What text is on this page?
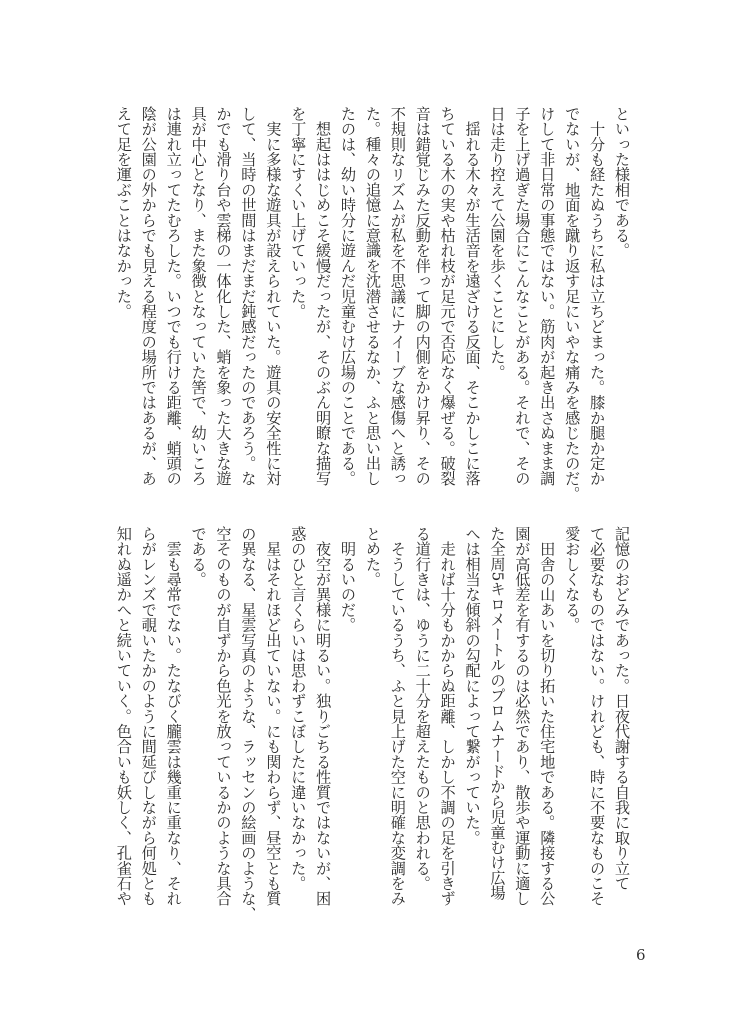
といった様相である。
　十分も経たぬうちに私は立ちどまった。膝か腿か定か
でないが、地面を蹴り返す足にいやな痛みを感じたのだ。
けして非日常の事態ではない。筋肉が起き出さぬまま調
子を上げ過ぎた場合にこんなことがある。それで、その
日は走り控えて公園を歩くことにした。
　揺れる木々が生活音を遠ざける反面、そこかしこに落
ちている木の実や枯れ枝が足元で否応なく爆ぜる。破裂
音は錯覚じみた反動を伴って脚の内側をかけ昇り、その
不規則なリズムが私を不思議にナイーブな感傷へと誘っ
た。種々の追憶に意識を沈潜させるなか、ふと思い出し
たのは、幼い時分に遊んだ児童むけ広場のことである。
　想起ははじめこそ緩慢だったが、そのぶん明瞭な描写
を丁寧にすくい上げていった。
　実に多様な遊具が設えられていた。遊具の安全性に対
して、当時の世間はまだまだ鈍感だったのであろう。な
かでも滑り台や雲梯の一体化した、蛸を象った大きな遊
具が中心となり、また象徴となっていた筈で、幼いころ
は連れ立ってたむろした。いつでも行ける距離、蛸頭の
陰が公園の外からでも見える程度の場所ではあるが、あ
えて足を運ぶことはなかった。
記憶のおどみであった。日夜代謝する自我に取り立て
て必要なものではない。けれども、時に不要なものこそ
愛おしくなる。
　田舎の山あいを切り拓いた住宅地である。隣接する公
園が高低差を有するのは必然であり、散歩や運動に適し
た全周5キロメートルのプロムナードから児童むけ広場
へは相当な傾斜の勾配によって繋がっていた。
　走れば十分もかからぬ距離、しかし不調の足を引きず
る道行きは、ゆうに二十分を超えたものと思われる。
　そうしているうち、ふと見上げた空に明確な変調をみ
とめた。
　明るいのだ。
　夜空が異様に明るい。独りごちる性質ではないが、困
惑のひと言くらいは思わずこぼしたに違いなかった。
　星はそれほど出ていない。にも関わらず、昼空とも質
の異なる、星雲写真のような、ラッセンの絵画のような、
空そのものが自ずから色光を放っているかのような具合
である。
　雲も尋常でない。たなびく朧雲は幾重に重なり、それ
らがレンズで覗いたかのように間延びしながら何処とも
知れぬ遥かへと続いていく。色合いも妖しく、孔雀石や
6
